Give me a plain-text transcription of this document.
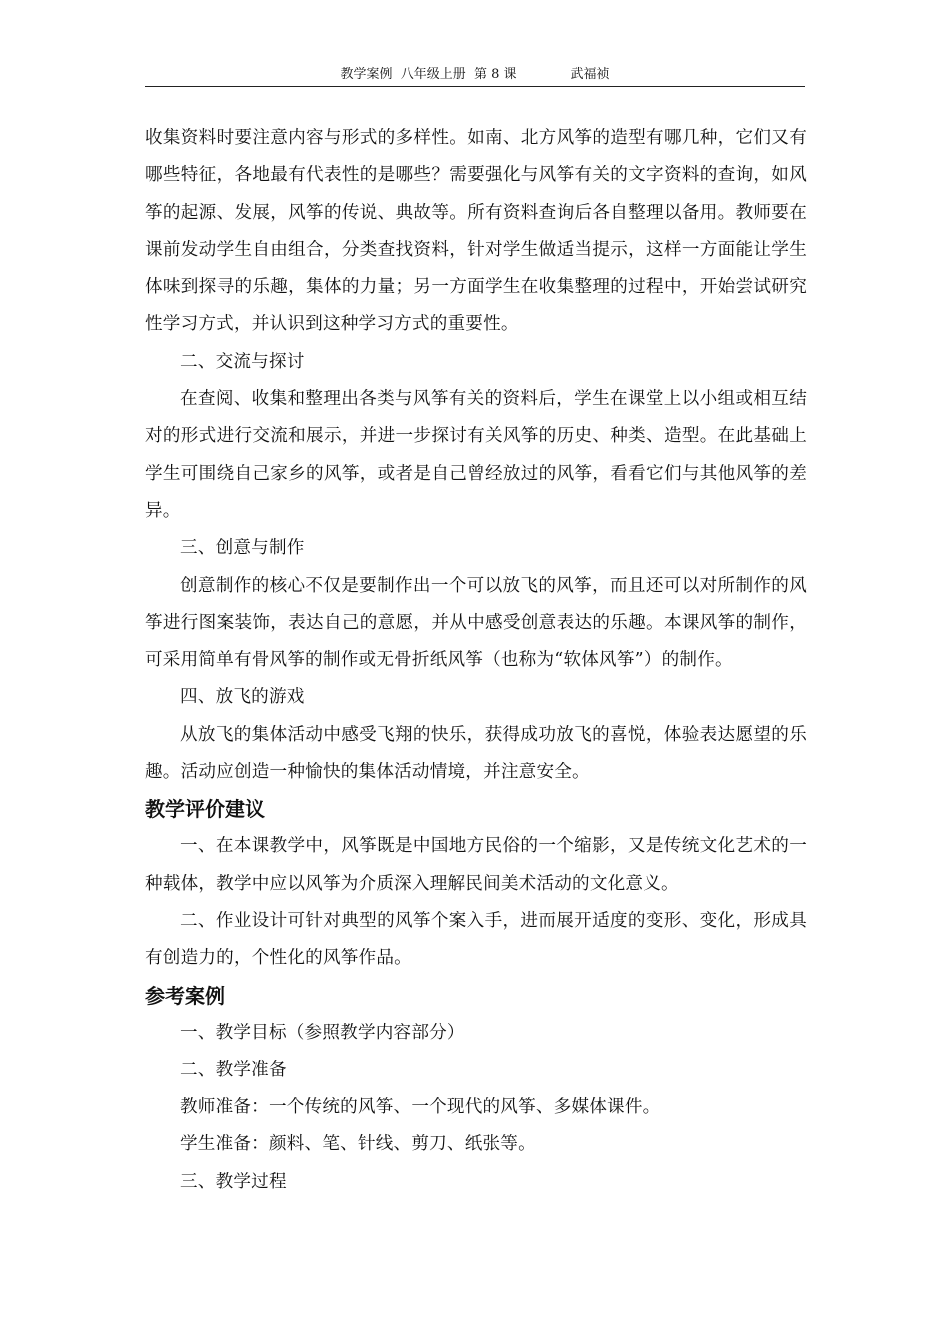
教学案例  八年级上册  第 8 课	武福祯

收集资料时要注意内容与形式的多样性。如南、北方风筝的造型有哪几种，它们又有哪些特征，各地最有代表性的是哪些？需要强化与风筝有关的文字资料的查询，如风筝的起源、发展，风筝的传说、典故等。所有资料查询后各自整理以备用。教师要在课前发动学生自由组合，分类查找资料，针对学生做适当提示，这样一方面能让学生体味到探寻的乐趣，集体的力量；另一方面学生在收集整理的过程中，开始尝试研究性学习方式，并认识到这种学习方式的重要性。

二、交流与探讨

在查阅、收集和整理出各类与风筝有关的资料后，学生在课堂上以小组或相互结对的形式进行交流和展示，并进一步探讨有关风筝的历史、种类、造型。在此基础上学生可围绕自己家乡的风筝，或者是自己曾经放过的风筝，看看它们与其他风筝的差异。

三、创意与制作

创意制作的核心不仅是要制作出一个可以放飞的风筝，而且还可以对所制作的风筝进行图案装饰，表达自己的意愿，并从中感受创意表达的乐趣。本课风筝的制作，可采用简单有骨风筝的制作或无骨折纸风筝（也称为“软体风筝”）的制作。

四、放飞的游戏

从放飞的集体活动中感受飞翔的快乐，获得成功放飞的喜悦，体验表达愿望的乐趣。活动应创造一种愉快的集体活动情境，并注意安全。

教学评价建议

一、在本课教学中，风筝既是中国地方民俗的一个缩影，又是传统文化艺术的一种载体，教学中应以风筝为介质深入理解民间美术活动的文化意义。

二、作业设计可针对典型的风筝个案入手，进而展开适度的变形、变化，形成具有创造力的，个性化的风筝作品。

参考案例

一、教学目标（参照教学内容部分）

二、教学准备

教师准备：一个传统的风筝、一个现代的风筝、多媒体课件。

学生准备：颜料、笔、针线、剪刀、纸张等。

三、教学过程
